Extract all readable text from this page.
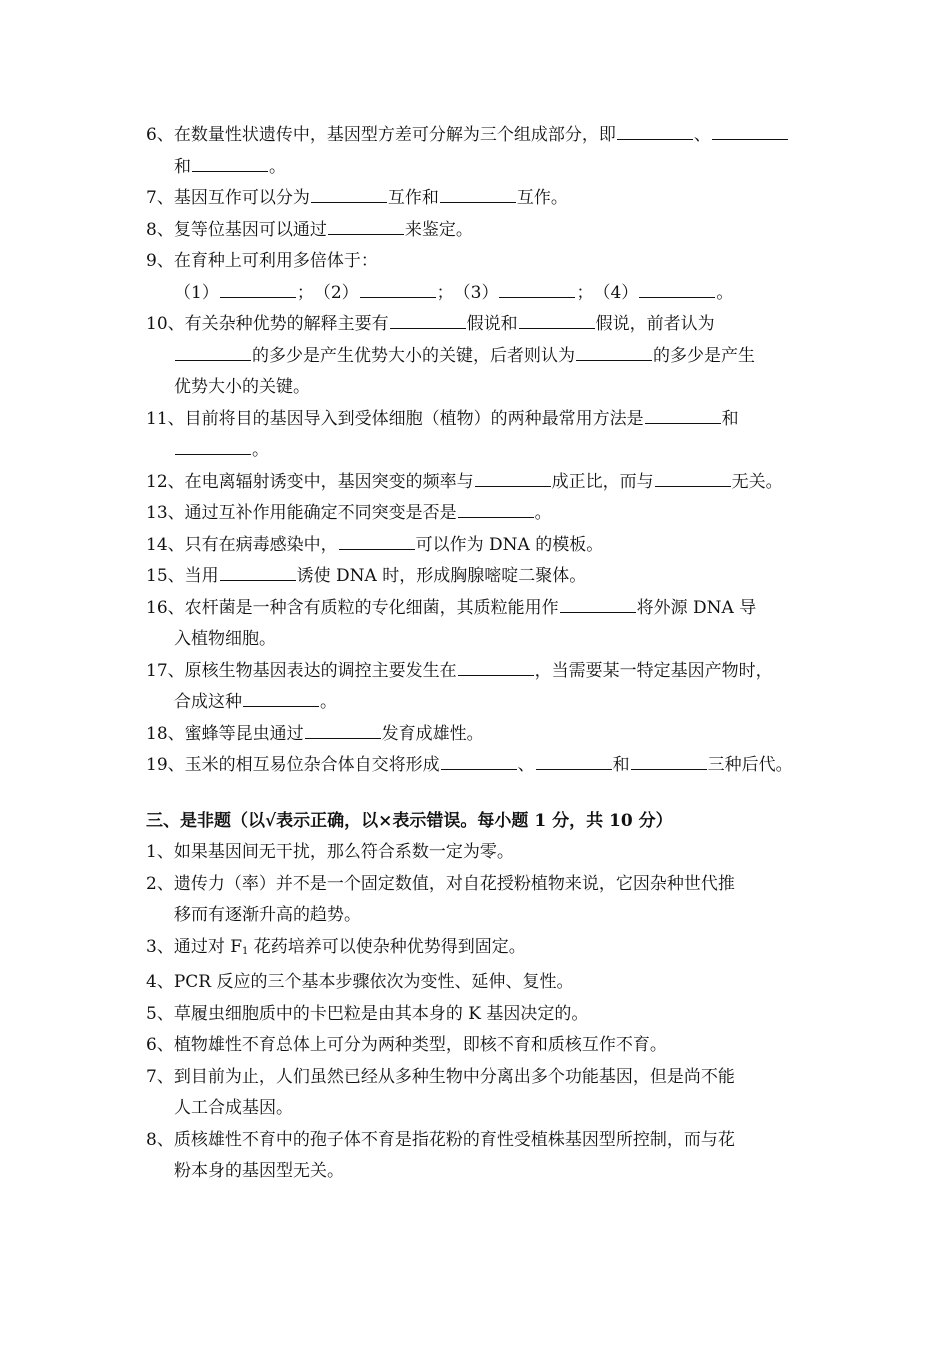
6、在数量性状遗传中，基因型方差可分解为三个组成部分，即	、

和	。

7、基因互作可以分为	互作和	互作。

8、复等位基因可以通过	来鉴定。

9、在育种上可利用多倍体于：

（1）	；　（2）	；　（3）	；　（4）	。

10、有关杂种优势的解释主要有	假说和	假说，前者认为

的多少是产生优势大小的关键，后者则认为	的多少是产生

优势大小的关键。

11、目前将目的基因导入到受体细胞（植物）的两种最常用方法是	和

。

12、在电离辐射诱变中，基因突变的频率与	成正比，而与	无关。

13、通过互补作用能确定不同突变是否是	。

14、只有在病毒感染中，	可以作为 DNA 的模板。

15、当用	诱使 DNA 时，形成胸腺嘧啶二聚体。

16、农杆菌是一种含有质粒的专化细菌，其质粒能用作	将外源 DNA 导

入植物细胞。

17、原核生物基因表达的调控主要发生在	，当需要某一特定基因产物时，

合成这种	。

18、蜜蜂等昆虫通过	发育成雄性。

19、玉米的相互易位杂合体自交将形成	、	和	三种后代。

三、是非题（以√表示正确，以×表示错误。每小题 1 分，共 10 分）

1、如果基因间无干扰，那么符合系数一定为零。

2、遗传力（率）并不是一个固定数值，对自花授粉植物来说，它因杂种世代推

移而有逐渐升高的趋势。

3、通过对 $F_1$ 花药培养可以使杂种优势得到固定。

4、PCR 反应的三个基本步骤依次为变性、延伸、复性。

5、草履虫细胞质中的卡巴粒是由其本身的 K 基因决定的。

6、植物雄性不育总体上可分为两种类型，即核不育和质核互作不育。

7、到目前为止，人们虽然已经从多种生物中分离出多个功能基因，但是尚不能

人工合成基因。

8、质核雄性不育中的孢子体不育是指花粉的育性受植株基因型所控制，而与花

粉本身的基因型无关。
